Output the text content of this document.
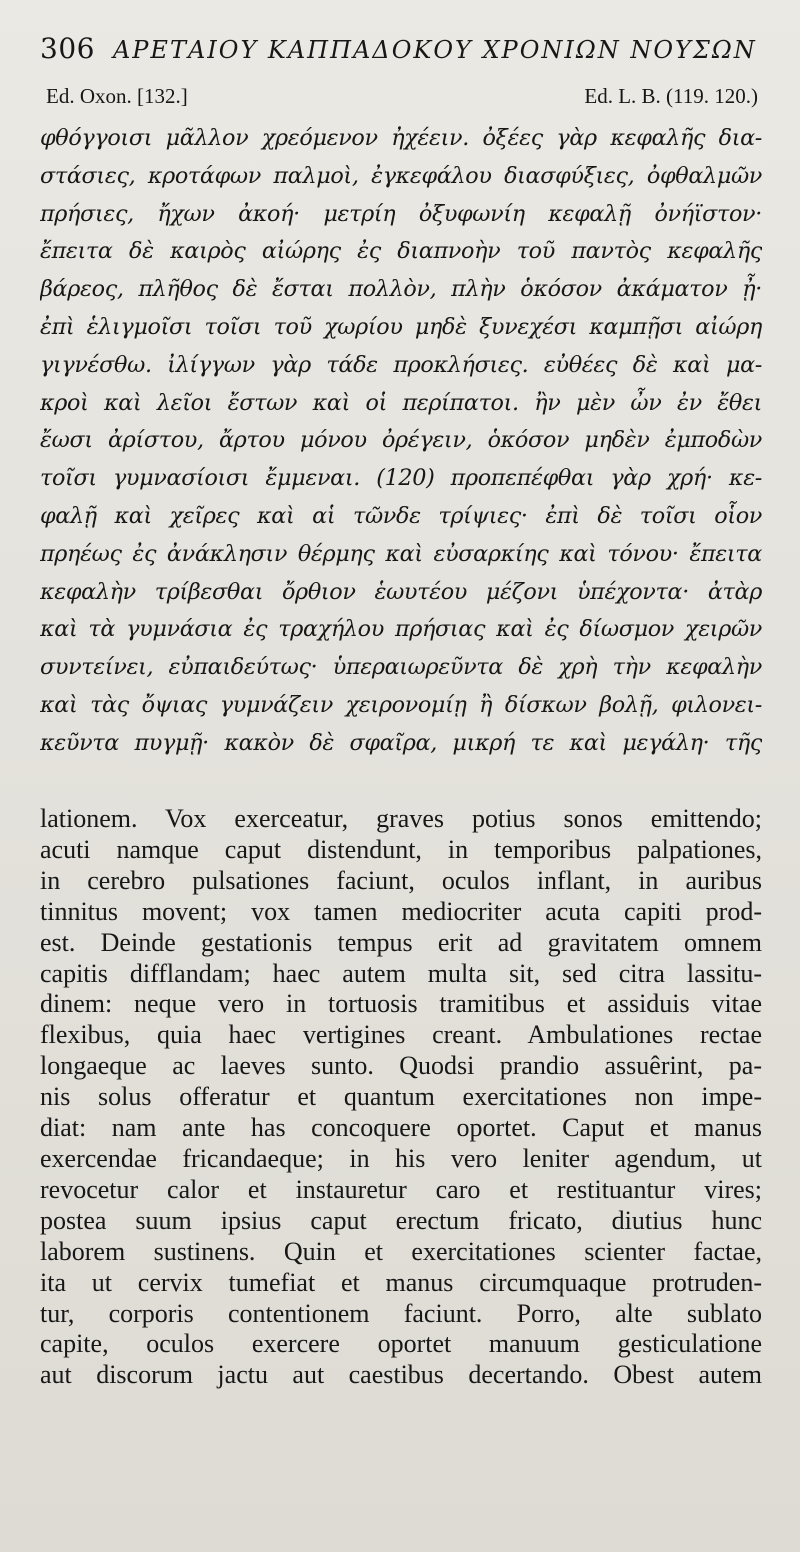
306 ΑΡΕΤΑΙΟΥ ΚΑΠΠΑΔΟΚΟΥ ΧΡΟΝΙΩΝ ΝΟΥΣΩΝ
Ed. Oxon. [132.]	Ed. L. B. (119. 120.)
φθόγγοισι μᾶλλον χρεόμενον ἠχέειν. ὀξέες γὰρ κεφαλῆς δια-
στάσιες, κροτάφων παλμοὶ, ἐγκεφάλου διασφύξιες, ὀφθαλμῶν
πρήσιες, ἤχων ἀκοή· μετρίη ὀξυφωνίη κεφαλῇ ὀνήϊστον·
ἔπειτα δὲ καιρὸς αἰώρης ἐς διαπνοὴν τοῦ παντὸς κεφαλῆς
βάρεος, πλῆθος δὲ ἔσται πολλὸν, πλὴν ὁκόσον ἀκάματον ᾖ·
ἐπὶ ἑλιγμοῖσι τοῖσι τοῦ χωρίου μηδὲ ξυνεχέσι καμπῇσι αἰώρη
γιγνέσθω. ἰλίγγων γὰρ τάδε προκλήσιες. εὐθέες δὲ καὶ μα-
κροὶ καὶ λεῖοι ἔστων καὶ οἱ περίπατοι. ἢν μὲν ὦν ἐν ἔθει
ἔωσι ἀρίστου, ἄρτου μόνου ὀρέγειν, ὁκόσον μηδὲν ἐμποδὼν
τοῖσι γυμνασίοισι ἔμμεναι. (120) προπεπέφθαι γὰρ χρή· κε-
φαλῇ καὶ χεῖρες καὶ αἱ τῶνδε τρίψιες· ἐπὶ δὲ τοῖσι οἷον
πρηέως ἐς ἀνάκλησιν θέρμης καὶ εὐσαρκίης καὶ τόνου· ἔπειτα
κεφαλὴν τρίβεσθαι ὄρθιον ἑωυτέου μέζονι ὑπέχοντα· ἀτὰρ
καὶ τὰ γυμνάσια ἐς τραχήλου πρήσιας καὶ ἐς δίωσμον χειρῶν
συντείνει, εὐπαιδεύτως· ὑπεραιωρεῦντα δὲ χρὴ τὴν κεφαλὴν
καὶ τὰς ὄψιας γυμνάζειν χειρονομίῃ ἢ δίσκων βολῇ, φιλονει-
κεῦντα πυγμῇ· κακὸν δὲ σφαῖρα, μικρή τε καὶ μεγάλη· τῆς
lationem. Vox exerceatur, graves potius sonos emittendo;
acuti namque caput distendunt, in temporibus palpationes,
in cerebro pulsationes faciunt, oculos inflant, in auribus
tinnitus movent; vox tamen mediocriter acuta capiti prod-
est. Deinde gestationis tempus erit ad gravitatem omnem
capitis difflandam; haec autem multa sit, sed citra lassitu-
dinem: neque vero in tortuosis tramitibus et assiduis vitae
flexibus, quia haec vertigines creant. Ambulationes rectae
longaeque ac laeves sunto. Quodsi prandio assuêrint, pa-
nis solus offeratur et quantum exercitationes non impe-
diat: nam ante has concoquere oportet. Caput et manus
exercendae fricandaeque; in his vero leniter agendum, ut
revocetur calor et instauretur caro et restituantur vires;
postea suum ipsius caput erectum fricato, diutius hunc
laborem sustinens. Quin et exercitationes scienter factae,
ita ut cervix tumefiat et manus circumquaque protruden-
tur, corporis contentionem faciunt. Porro, alte sublato
capite, oculos exercere oportet manuum gesticulatione
aut discorum jactu aut caestibus decertando. Obest autem
